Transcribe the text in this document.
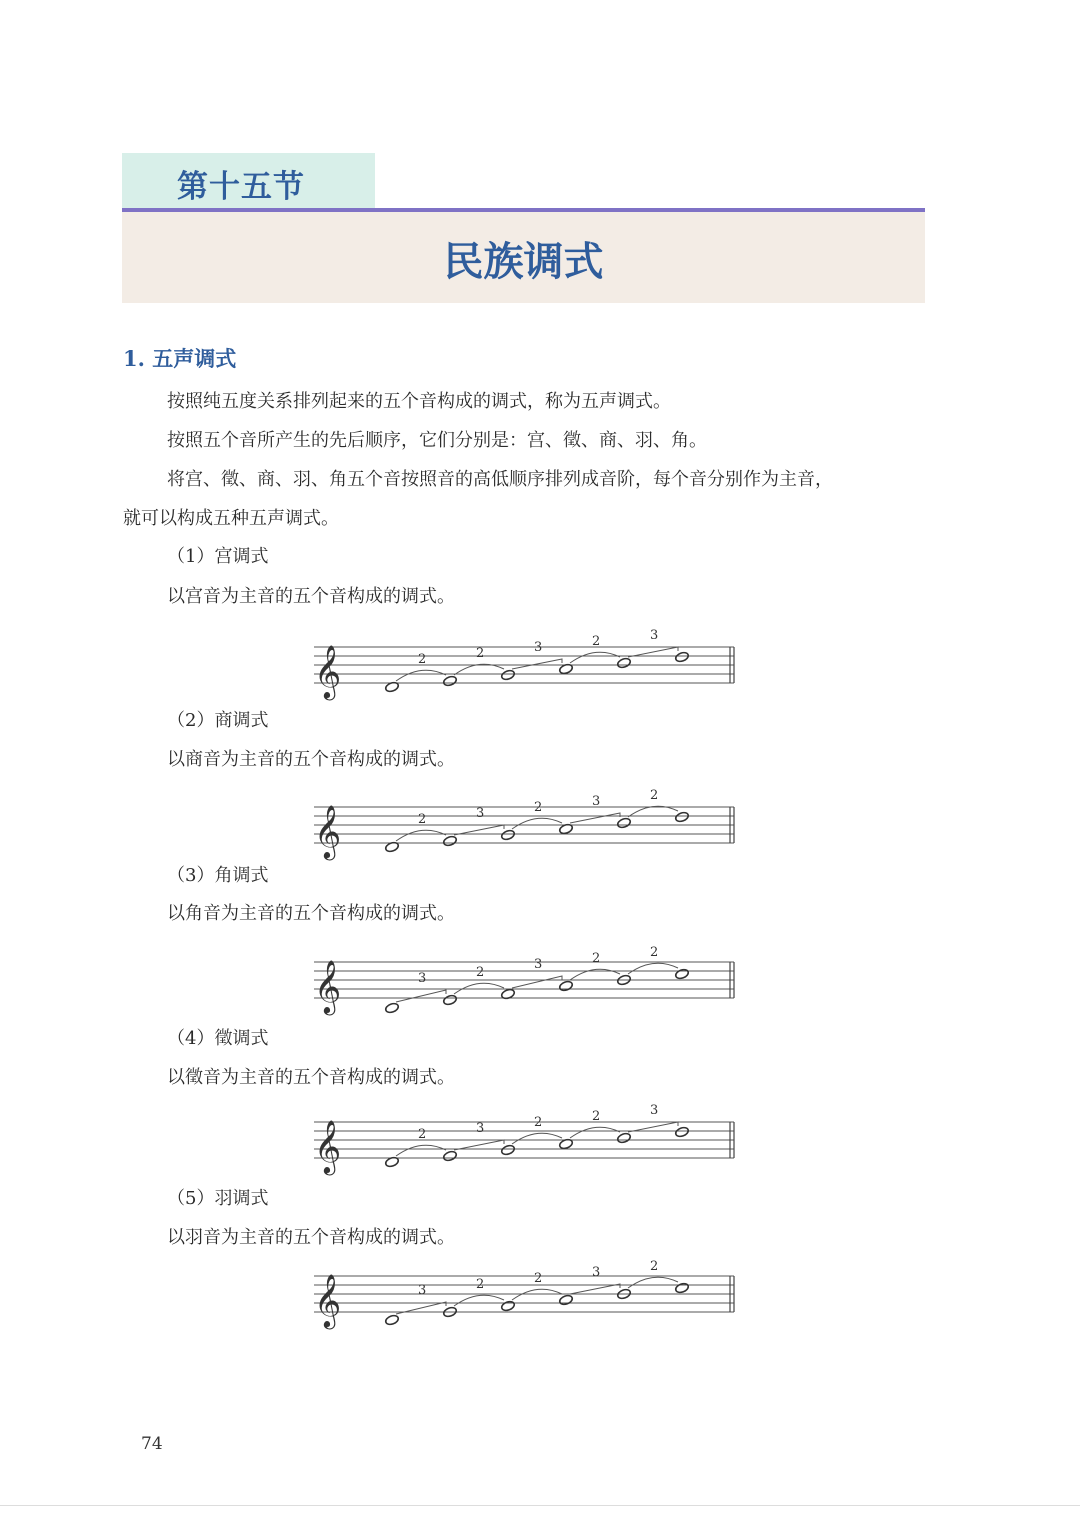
第十五节
民族调式
1. 五声调式
按照纯五度关系排列起来的五个音构成的调式，称为五声调式。
按照五个音所产生的先后顺序，它们分别是：宫、徵、商、羽、角。
将宫、徵、商、羽、角五个音按照音的高低顺序排列成音阶，每个音分别作为主音，
就可以构成五种五声调式。
（1）宫调式
以宫音为主音的五个音构成的调式。
𝄞	2	2	3	2	3
（2）商调式
以商音为主音的五个音构成的调式。
𝄞	2	3	2	3	2
（3）角调式
以角音为主音的五个音构成的调式。
𝄞	3	2
3	2	2
（4）徵调式
以徵音为主音的五个音构成的调式。
𝄞	2	3	2	2	3
（5）羽调式
以羽音为主音的五个音构成的调式。
𝄞	3	2	2	3	2
74
